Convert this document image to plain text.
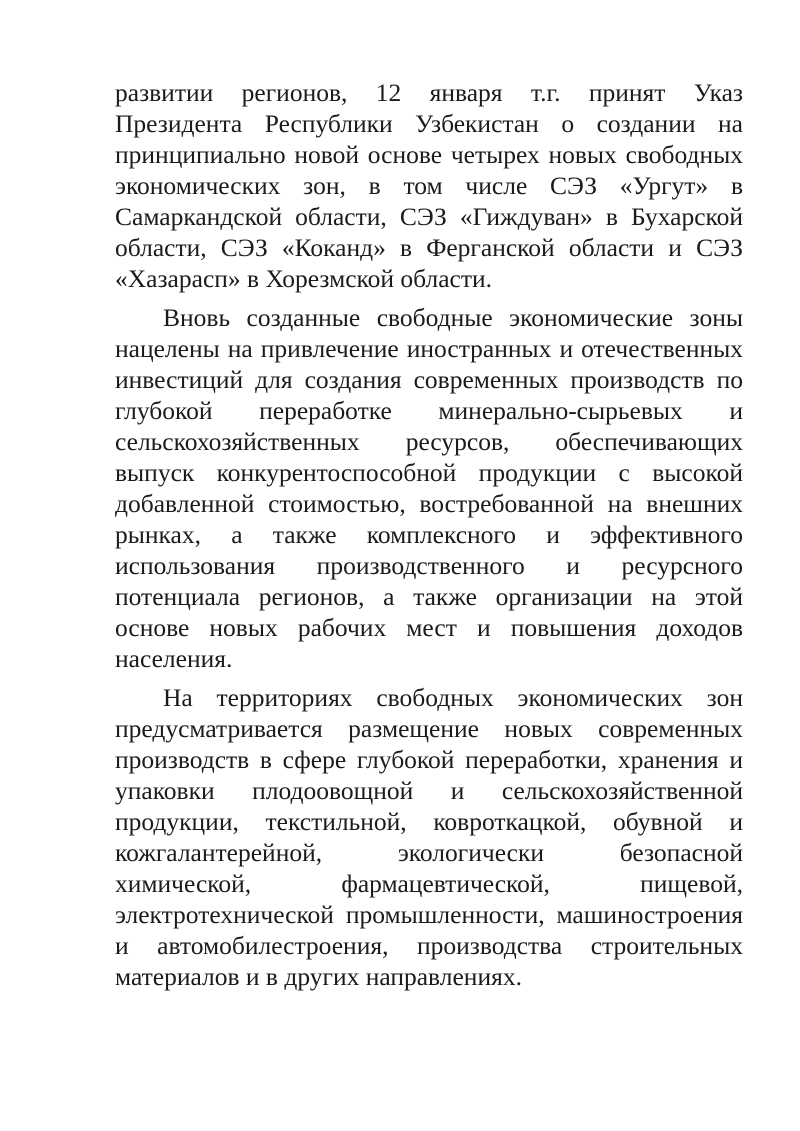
развитии регионов, 12 января т.г. принят Указ Президента Республики Узбекистан о создании на принципиально новой основе четырех новых свободных экономических зон, в том числе СЭЗ «Ургут» в Самаркандской области, СЭЗ «Гиждуван» в Бухарской области, СЭЗ «Коканд» в Ферганской области и СЭЗ «Хазарасп» в Хорезмской области.

Вновь созданные свободные экономические зоны нацелены на привлечение иностранных и отечественных инвестиций для создания современных производств по глубокой переработке минерально-сырьевых и сельскохозяйственных ресурсов, обеспечивающих выпуск конкурентоспособной продукции с высокой добавленной стоимостью, востребованной на внешних рынках, а также комплексного и эффективного использования производственного и ресурсного потенциала регионов, а также организации на этой основе новых рабочих мест и повышения доходов населения.

На территориях свободных экономических зон предусматривается размещение новых современных производств в сфере глубокой переработки, хранения и упаковки плодоовощной и сельскохозяйственной продукции, текстильной, ковроткацкой, обувной и кожгалантерейной, экологически безопасной химической, фармацевтической, пищевой, электротехнической промышленности, машиностроения и автомобилестроения, производства строительных материалов и в других направлениях.
